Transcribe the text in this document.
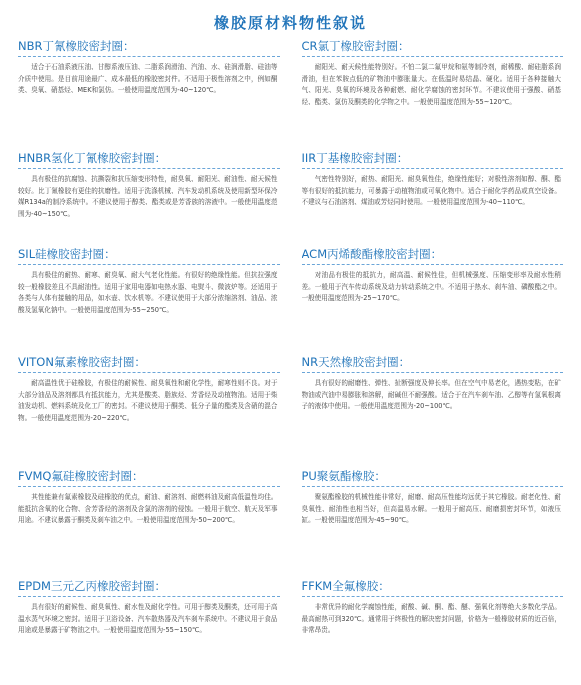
橡胶原材料物性叙说
NBR丁氰橡胶密封圈：

适合于石油系液压油、甘醇系液压油、二脂系润滑油、汽油、水、硅润滑脂、硅油等介质中使用。是目前用途最广、成本最低的橡胶密封件。不适用于极性溶剂之中，例如酮类、臭氧、硝基烃、MEK和氯仿。一般使用温度范围为-40~120℃。

HNBR氢化丁氰橡胶密封圈：

具有极佳的抗腐蚀、抗撕裂和抗压缩变形特性，耐臭氧、耐阳光、耐油性、耐天候性较好。比丁氰橡胶有更佳的抗磨性。适用于洗涤机械、汽车发动机系统及使用新型环保冷媒R134a的制冷系统中。不建议使用于醇类、酯类或是芳香族的溶液中。一般使用温度范围为-40~150℃。

SIL硅橡胶密封圈：

具有极佳的耐热、耐寒、耐臭氧、耐大气老化性能。有很好的绝缘性能。但抗拉强度较一般橡胶差且不具耐油性。适用于家用电器如电热水器、电熨斗、微波炉等。还适用于各类与人体有接触的用品，如水壶、饮水机等。不建议使用于大部分浓缩溶剂、油品、浓酸及氢氧化钠中。一般使用温度范围为-55~250℃。

VITON氟素橡胶密封圈：

耐高温性优于硅橡胶，有极佳的耐候性、耐臭氧性和耐化学性，耐寒性则不良。对于大部分油品及溶剂都具有抵抗能力，尤其是酸类、脂族烃、芳香烃及动植物油。适用于柴油发动机、燃料系统及化工厂的密封。不建议使用于酮类、低分子量的酯类及含硝的混合物。一般使用温度范围为-20~220℃。

FVMQ氟硅橡胶密封圈：

其性能兼有氟素橡胶及硅橡胶的优点，耐油、耐溶剂、耐燃料油及耐高低温性均佳。能抵抗含氧的化合物、含芳香烃的溶剂及含氯的溶剂的侵蚀。一般用于航空、航天及军事用途。不建议暴露于酮类及刹车油之中。一般使用温度范围为-50~200℃。

EPDM三元乙丙橡胶密封圈：

具有很好的耐候性、耐臭氧性、耐水性及耐化学性。可用于醇类及酮类，还可用于高温水蒸气环境之密封。适用于卫浴设备、汽车散热器及汽车刹车系统中。不建议用于食品用途或是暴露于矿物油之中。一般使用温度范围为-55~150℃。

CR氯丁橡胶密封圈：

耐阳光、耐天候性能特别好。不怕二氯二氟甲烷和氨等制冷剂，耐稀酸、耐硅脂系润滑油，但在苯胺点低的矿物油中膨胀量大。在低温时易结晶、硬化。适用于各种接触大气、阳光、臭氧的环境及各种耐燃、耐化学腐蚀的密封环节。不建议使用于强酸、硝基烃、酯类、氯仿及酮类的化学物之中。一般使用温度范围为-55~120℃。

IIR丁基橡胶密封圈：

气密性特别好，耐热、耐阳光、耐臭氧性佳，绝缘性能好；对极性溶剂如醇、酮、酯等有很好的抵抗能力，可暴露于动植物油或可氧化物中。适合于耐化学药品或真空设备。不建议与石油溶剂、煤油或芳烃同时使用。一般使用温度范围为-40~110℃。

ACM丙烯酸酯橡胶密封圈：

对油品有极佳的抵抗力，耐高温、耐候性佳，但机械强度、压缩变形率及耐水性稍差。一般用于汽车传动系统及动力转动系统之中。不适用于热水、刹车油、磷酸酯之中。一般使用温度范围为-25~170℃。

NR天然橡胶密封圈：

具有很好的耐磨性、弹性、扯断强度及伸长率。但在空气中易老化，遇热变粘，在矿物油或汽油中易膨胀和溶解，耐碱但不耐强酸。适合于在汽车刹车油、乙醇等有氢氧根离子的液体中使用。一般使用温度范围为-20~100℃。

PU聚氨酯橡胶：

聚氨酯橡胶的机械性能非常好，耐磨、耐高压性能均远优于其它橡胶。耐老化性、耐臭氧性、耐油性也相当好，但高温易水解。一般用于耐高压、耐磨损密封环节，如液压缸。一般使用温度范围为-45~90℃。

FFKM全氟橡胶：

非常优异的耐化学腐蚀性能，耐酸、碱、酮、酯、醚、强氧化剂等绝大多数化学品。最高耐热可到320℃。通常用于终极性的解决密封问题，价格为一般橡胶材质的近百倍，非常昂贵。
